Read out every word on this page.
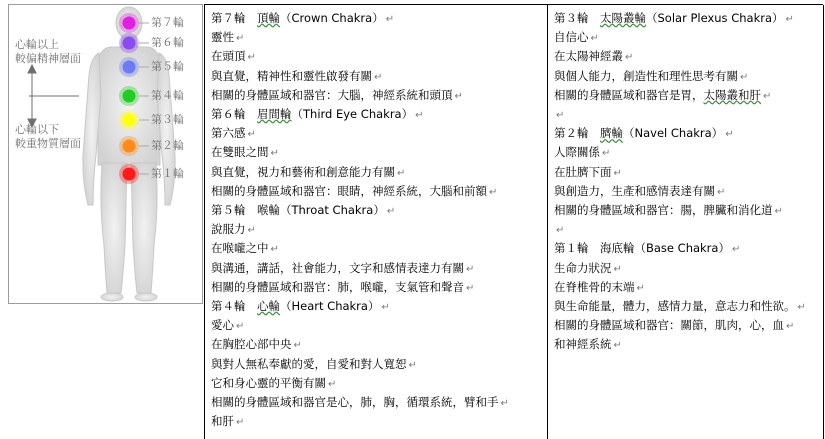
心輪以上
較偏精神層面
心輪以下
較重物質層面
第７輪
第６輪
第５輪
第４輪
第３輪
第２輪
第１輪
第７輪　頂輪（Crown Chakra） ↵
靈性 ↵
在頭頂 ↵
與直覺，精神性和靈性啟發有關 ↵
相關的身體區域和器官：大腦，神經系統和頭頂 ↵
第６輪　眉間輪（Third Eye Chakra） ↵
第六感 ↵
在雙眼之間 ↵
與直覺，視力和藝術和創意能力有關 ↵
相關的身體區域和器官：眼睛，神經系統，大腦和前額 ↵
第５輪　喉輪（Throat Chakra） ↵
說服力 ↵
在喉嚨之中 ↵
與溝通，講話，社會能力，文字和感情表達力有關 ↵
相關的身體區域和器官：肺，喉嚨，支氣管和聲音 ↵
第４輪　心輪（Heart Chakra） ↵
愛心 ↵
在胸腔心部中央 ↵
與對人無私奉獻的愛，自愛和對人寬恕 ↵
它和身心靈的平衡有關 ↵
相關的身體區域和器官是心，肺，胸，循環系統，臂和手 ↵
和肝 ↵
第３輪　太陽叢輪（Solar Plexus Chakra） ↵
自信心 ↵
在太陽神經叢 ↵
與個人能力，創造性和理性思考有關 ↵
相關的身體區域和器官是胃，太陽叢和肝 ↵
↵
第２輪　臍輪（Navel Chakra） ↵
人際關係 ↵
在肚臍下面 ↵
與創造力，生產和感情表達有關 ↵
相關的身體區域和器官：腸，脾臟和消化道 ↵
↵
第１輪　海底輪（Base Chakra） ↵
生命力狀況 ↵
在脊椎骨的末端 ↵
與生命能量，體力，感情力量，意志力和性欲。 ↵
相關的身體區域和器官：關節，肌肉，心，血 ↵
和神經系統 ↵
